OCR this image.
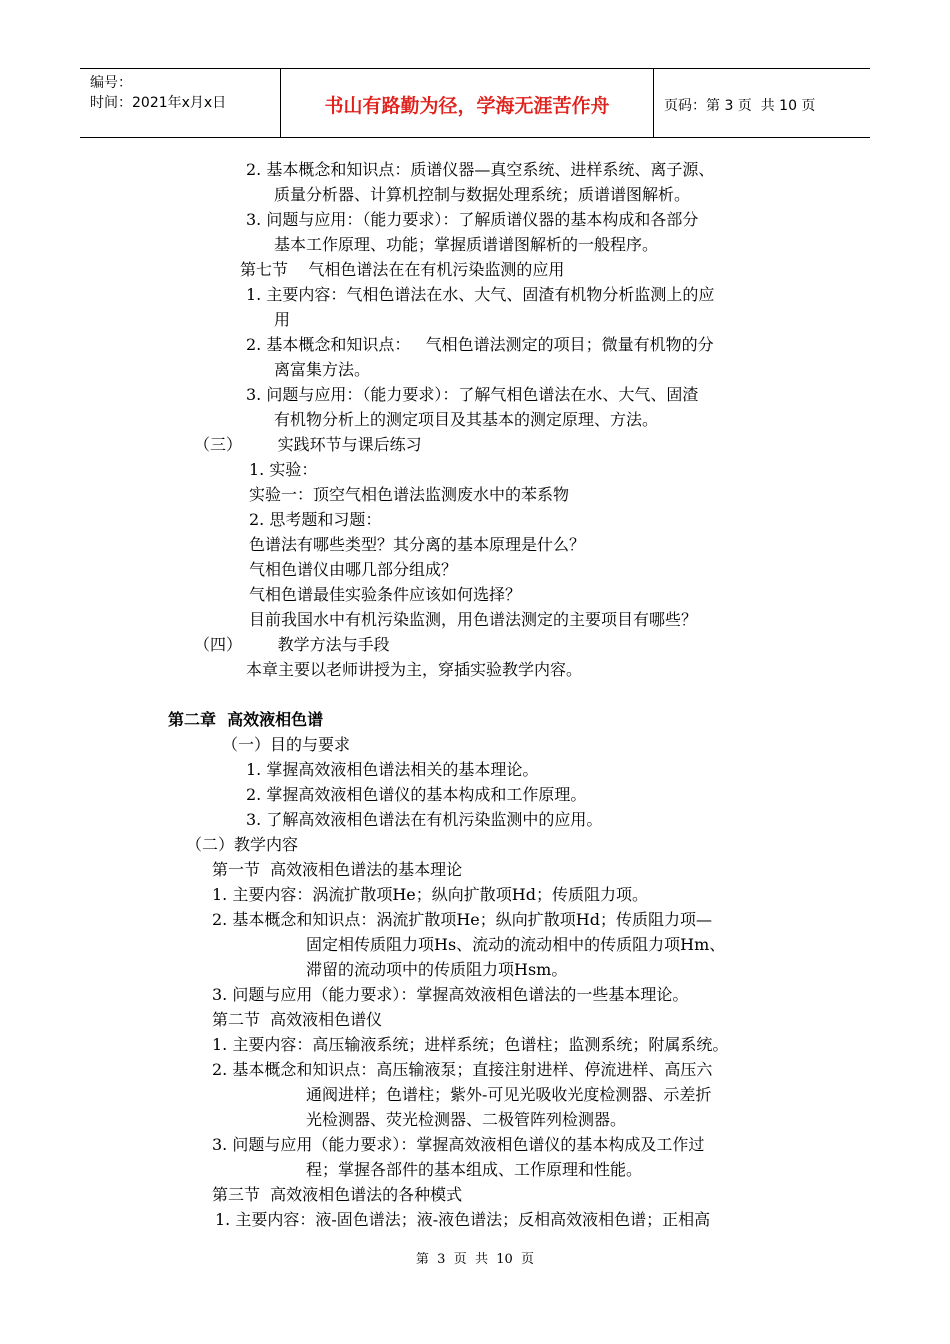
编号：
时间：2021年x月x日	书山有路勤为径，学海无涯苦作舟	页码：第 3 页  共 10 页
2. 基本概念和知识点：质谱仪器—真空系统、进样系统、离子源、
质量分析器、计算机控制与数据处理系统；质谱谱图解析。
3. 问题与应用：（能力要求）：了解质谱仪器的基本构成和各部分
基本工作原理、功能；掌握质谱谱图解析的一般程序。
第七节    气相色谱法在在有机污染监测的应用
1. 主要内容：气相色谱法在水、大气、固渣有机物分析监测上的应
用
2. 基本概念和知识点：   气相色谱法测定的项目；微量有机物的分
离富集方法。
3. 问题与应用：（能力要求）：了解气相色谱法在水、大气、固渣
有机物分析上的测定项目及其基本的测定原理、方法。
（三）       实践环节与课后练习
1. 实验：
实验一：顶空气相色谱法监测废水中的苯系物
2. 思考题和习题：
色谱法有哪些类型？其分离的基本原理是什么？
气相色谱仪由哪几部分组成？
气相色谱最佳实验条件应该如何选择？
目前我国水中有机污染监测，用色谱法测定的主要项目有哪些？
（四）       教学方法与手段
本章主要以老师讲授为主，穿插实验教学内容。
第二章  高效液相色谱
（一）目的与要求
1. 掌握高效液相色谱法相关的基本理论。
2. 掌握高效液相色谱仪的基本构成和工作原理。
3. 了解高效液相色谱法在有机污染监测中的应用。
（二）教学内容
第一节  高效液相色谱法的基本理论
1. 主要内容：涡流扩散项He；纵向扩散项Hd；传质阻力项。
2. 基本概念和知识点：涡流扩散项He；纵向扩散项Hd；传质阻力项—
固定相传质阻力项Hs、流动的流动相中的传质阻力项Hm、
滞留的流动项中的传质阻力项Hsm。
3. 问题与应用（能力要求）：掌握高效液相色谱法的一些基本理论。
第二节  高效液相色谱仪
1. 主要内容：高压输液系统；进样系统；色谱柱；监测系统；附属系统。
2. 基本概念和知识点：高压输液泵；直接注射进样、停流进样、高压六
通阀进样；色谱柱；紫外-可见光吸收光度检测器、示差折
光检测器、荧光检测器、二极管阵列检测器。
3. 问题与应用（能力要求）：掌握高效液相色谱仪的基本构成及工作过
程；掌握各部件的基本组成、工作原理和性能。
第三节  高效液相色谱法的各种模式
1. 主要内容：液-固色谱法；液-液色谱法；反相高效液相色谱；正相高
第  3  页  共  10  页
